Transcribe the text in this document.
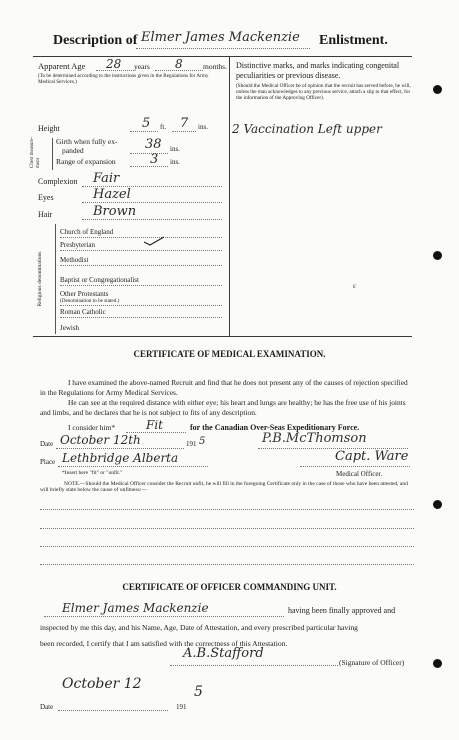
Description of Elmer James Mackenzie Enlistment.
Apparent Age 28 years 8	months.
(To be determined according to the instructions given in the Regulations for Army Medical Services.)
Height	5 ft. 7 ins.
Chest measure-ment
Girth when fully ex-
panded	38 ins.
Range of expansion	3 ins.
Complexion Fair
Eyes	Hazel
Hair	Brown
Religious denominations
Church of England
Presbyterian
Methodist
Baptist or Congregationalist
Other Protestants
(Denomination to be stated.)
Roman Catholic
Jewish
Distinctive marks, and marks indicating congenital
peculiarities or previous disease.
(Should the Medical Officer be of opinion that the recruit has served before, he will, unless the man acknowledges to any previous service, attach a slip to that effect, for the information of the Approving Officer).
2 Vaccination Left upper
ε
CERTIFICATE OF MEDICAL EXAMINATION.
I have examined the above-named Recruit and find that he does not present any of the causes of rejection specified in the Regulations for Army Medical Services.
He can see at the required distance with either eye; his heart and lungs are healthy; he has the free use of his joints and limbs, and he declares that he is not subject to fits of any description.
I consider him*	Fit	for the Canadian Over-Seas Expeditionary Force.
Date October 12th	191 5	P.B.McThomson
Place Lethbridge Alberta	Capt. Ware
*Insert here "fit" or "unfit."	Medical Officer.
NOTE.—Should the Medical Officer consider the Recruit unfit, he will fill in the foregoing Certificate only in the case of those who have been attested, and will briefly state below the cause of unfitness:—
CERTIFICATE OF OFFICER COMMANDING UNIT.
Elmer James Mackenzie	having been finally approved and
inspected by me this day, and his Name, Age, Date of Attestation, and every prescribed particular having
been recorded, I certify that I am satisfied with the correctness of this Attestation.
A.B.Stafford
(Signature of Officer)
October 12
Date	191
5
